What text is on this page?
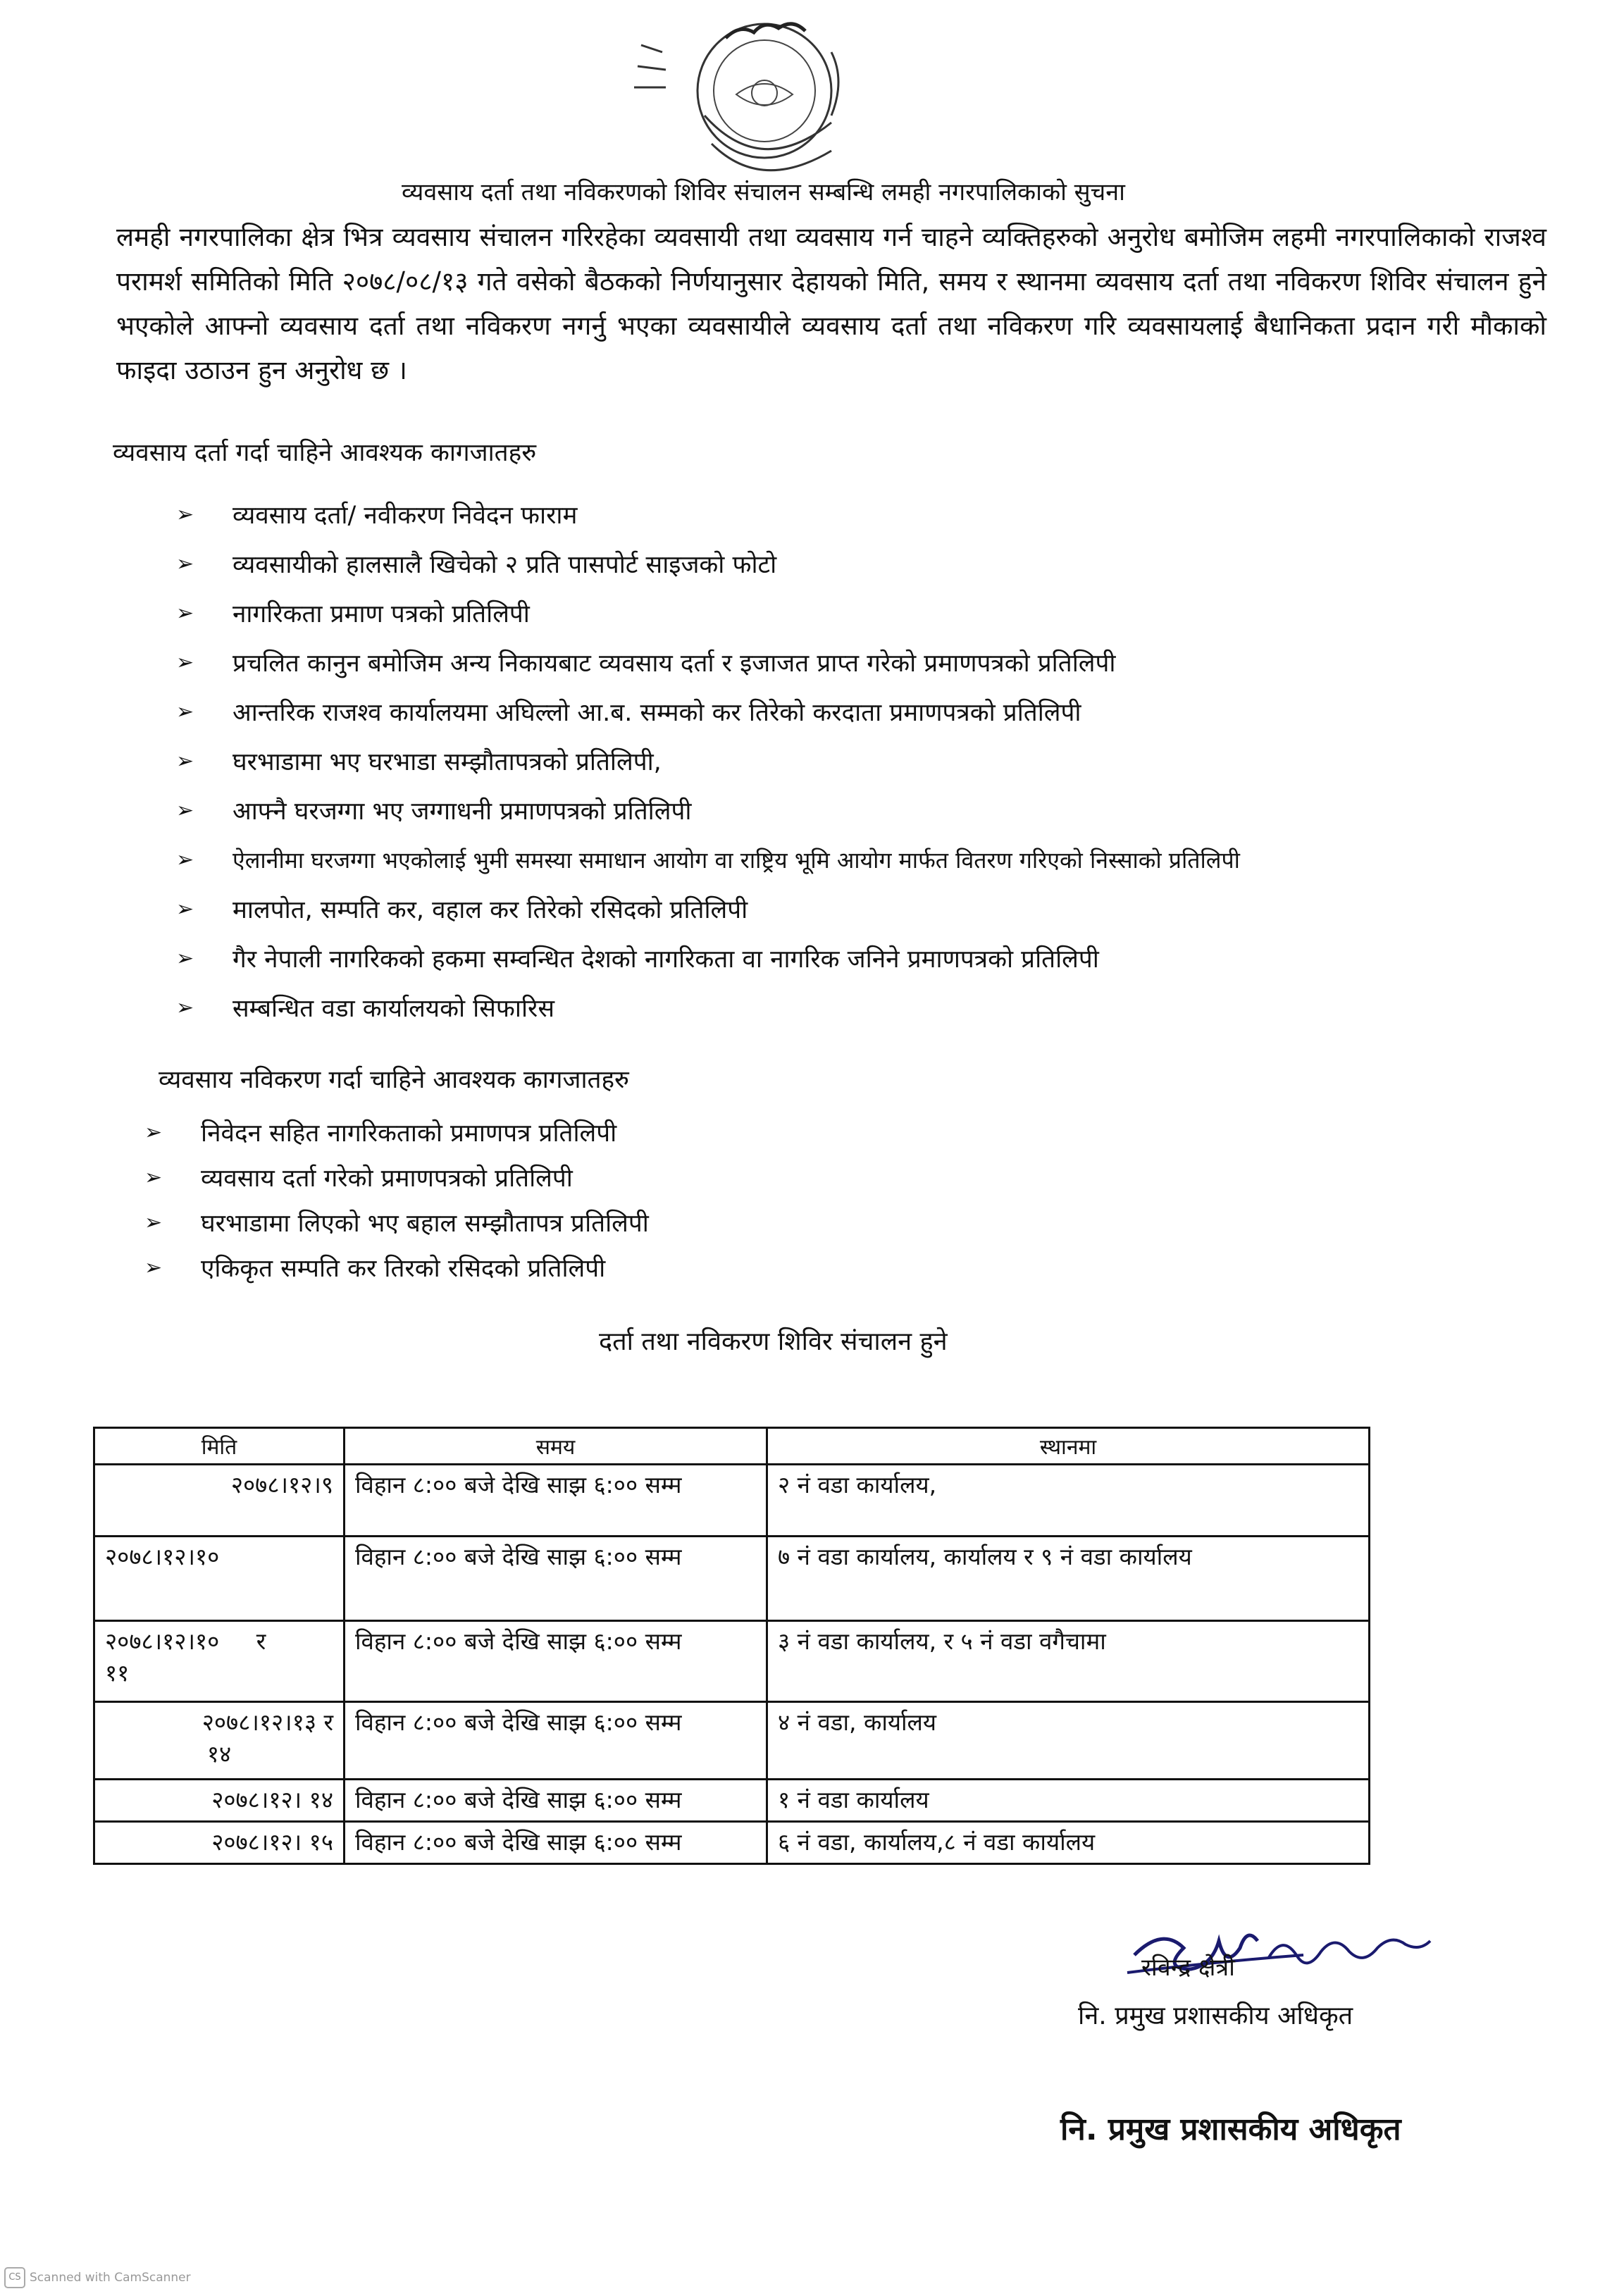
व्यवसाय दर्ता तथा नविकरणको शिविर संचालन सम्बन्धि लमही नगरपालिकाको सुचना
लमही नगरपालिका क्षेत्र भित्र व्यवसाय संचालन गरिरहेका व्यवसायी तथा व्यवसाय गर्न चाहने व्यक्तिहरुको अनुरोध बमोजिम लहमी नगरपालिकाको राजश्व परामर्श समितिको मिति २०७८/०८/१३ गते वसेको बैठकको निर्णयानुसार देहायको मिति, समय र स्थानमा व्यवसाय दर्ता तथा नविकरण शिविर संचालन हुने भएकोले आफ्नो व्यवसाय दर्ता तथा नविकरण नगर्नु भएका व्यवसायीले व्यवसाय दर्ता तथा नविकरण गरि व्यवसायलाई बैधानिकता प्रदान गरी मौकाको फाइदा उठाउन हुन अनुरोध छ ।
व्यवसाय दर्ता गर्दा चाहिने आवश्यक कागजातहरु
➢	व्यवसाय दर्ता/ नवीकरण निवेदन फाराम
➢	व्यवसायीको हालसालै खिचेको २ प्रति पासपोर्ट साइजको फोटो
➢	नागरिकता प्रमाण पत्रको प्रतिलिपी
➢	प्रचलित कानुन बमोजिम अन्य निकायबाट व्यवसाय दर्ता र इजाजत प्राप्त गरेको प्रमाणपत्रको प्रतिलिपी
➢	आन्तरिक राजश्व कार्यालयमा अघिल्लो आ.ब. सम्मको कर तिरेको करदाता प्रमाणपत्रको प्रतिलिपी
➢	घरभाडामा भए घरभाडा सम्झौतापत्रको प्रतिलिपी,
➢	आफ्नै घरजग्गा भए जग्गाधनी प्रमाणपत्रको प्रतिलिपी
➢	ऐलानीमा घरजग्गा भएकोलाई भुमी समस्या समाधान आयोग वा राष्ट्रिय भूमि आयोग मार्फत वितरण गरिएको निस्साको प्रतिलिपी
➢	मालपोत, सम्पति कर, वहाल कर तिरेको रसिदको प्रतिलिपी
➢	गैर नेपाली नागरिकको हकमा सम्वन्धित देशको नागरिकता वा नागरिक जनिने प्रमाणपत्रको प्रतिलिपी
➢	सम्बन्धित वडा कार्यालयको सिफारिस
व्यवसाय नविकरण गर्दा चाहिने आवश्यक कागजातहरु
➢	निवेदन सहित नागरिकताको प्रमाणपत्र प्रतिलिपी
➢	व्यवसाय दर्ता गरेको प्रमाणपत्रको प्रतिलिपी
➢	घरभाडामा लिएको भए बहाल सम्झौतापत्र प्रतिलिपी
➢	एकिकृत सम्पति कर तिरको रसिदको प्रतिलिपी
दर्ता तथा नविकरण शिविर संचालन हुने
मिति	समय	स्थानमा

२०७८।१२।९	विहान ८:०० बजे देखि साझ ६:०० सम्म	२ नं वडा कार्यालय,

२०७८।१२।१०	विहान ८:०० बजे देखि साझ ६:०० सम्म	७ नं वडा कार्यालय, कार्यालय र ९ नं वडा कार्यालय

२०७८।१२।१०     र
११	विहान ८:०० बजे देखि साझ ६:०० सम्म	३ नं वडा कार्यालय, र ५ नं वडा वगैचामा

२०७८।१२।१३ र
१४	विहान ८:०० बजे देखि साझ ६:०० सम्म	४ नं वडा, कार्यालय

२०७८।१२। १४	विहान ८:०० बजे देखि साझ ६:०० सम्म	१ नं वडा कार्यालय

२०७८।१२। १५	विहान ८:०० बजे देखि साझ ६:०० सम्म	६ नं वडा, कार्यालय,८ नं वडा कार्यालय
रविन्द्र क्षेत्री
नि. प्रमुख प्रशासकीय अधिकृत
नि. प्रमुख प्रशासकीय अधिकृत
CS Scanned with CamScanner
